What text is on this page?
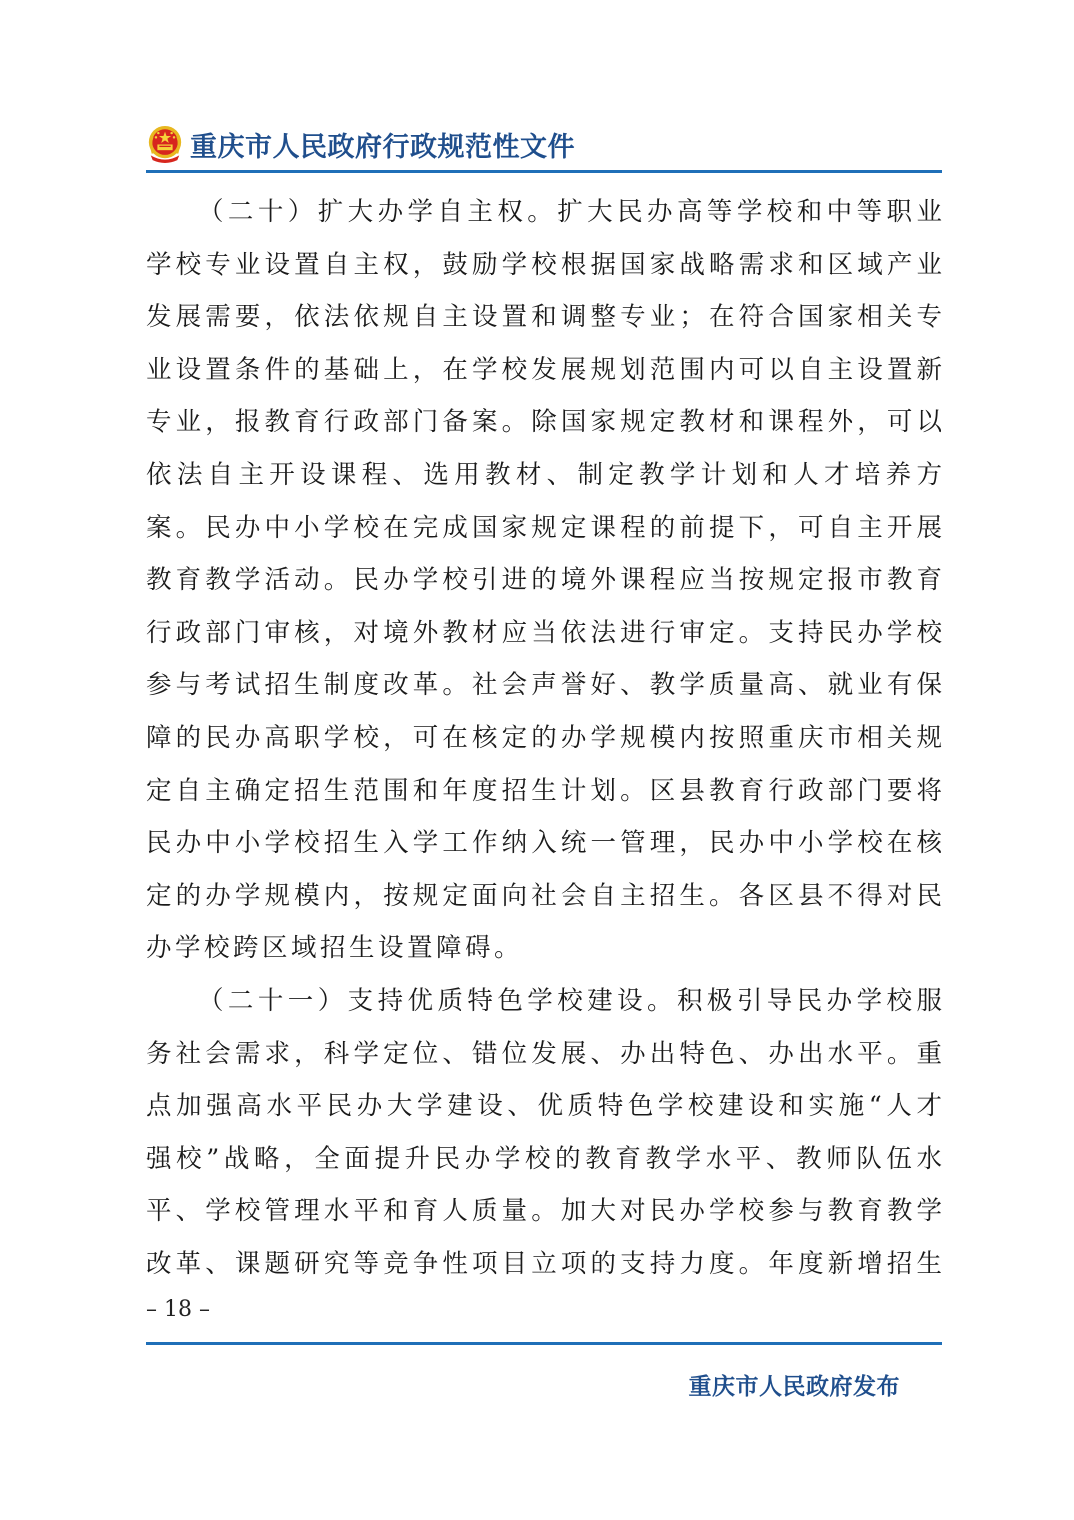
重庆市人民政府行政规范性文件
（二十）扩大办学自主权。扩大民办高等学校和中等职业
学校专业设置自主权，鼓励学校根据国家战略需求和区域产业
发展需要，依法依规自主设置和调整专业；在符合国家相关专
业设置条件的基础上，在学校发展规划范围内可以自主设置新
专业，报教育行政部门备案。除国家规定教材和课程外，可以
依法自主开设课程、选用教材、制定教学计划和人才培养方
案。民办中小学校在完成国家规定课程的前提下，可自主开展
教育教学活动。民办学校引进的境外课程应当按规定报市教育
行政部门审核，对境外教材应当依法进行审定。支持民办学校
参与考试招生制度改革。社会声誉好、教学质量高、就业有保
障的民办高职学校，可在核定的办学规模内按照重庆市相关规
定自主确定招生范围和年度招生计划。区县教育行政部门要将
民办中小学校招生入学工作纳入统一管理，民办中小学校在核
定的办学规模内，按规定面向社会自主招生。各区县不得对民
办学校跨区域招生设置障碍。
（二十一）支持优质特色学校建设。积极引导民办学校服
务社会需求，科学定位、错位发展、办出特色、办出水平。重
点加强高水平民办大学建设、优质特色学校建设和实施“人才
强校”战略，全面提升民办学校的教育教学水平、教师队伍水
平、学校管理水平和育人质量。加大对民办学校参与教育教学
改革、课题研究等竞争性项目立项的支持力度。年度新增招生
– 18 –
重庆市人民政府发布
